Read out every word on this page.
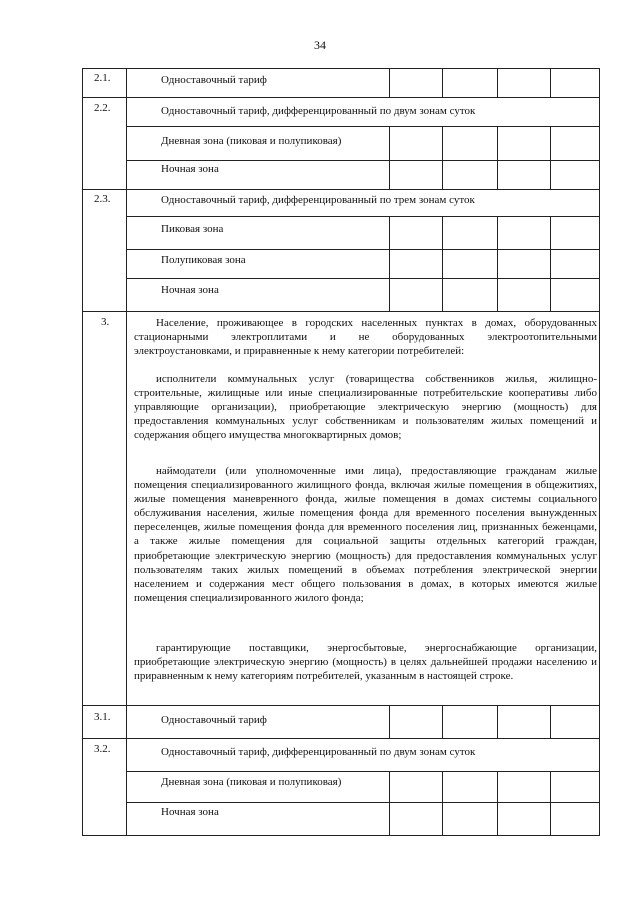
34
2.1.
2.2.
2.3.
3.
3.1.
3.2.
Одноставочный тариф
Одноставочный тариф, дифференцированный по двум зонам суток
Дневная зона (пиковая и полупиковая)
Ночная зона
Одноставочный тариф, дифференцированный по трем зонам суток
Пиковая зона
Полупиковая зона
Ночная зона
Одноставочный тариф
Одноставочный тариф, дифференцированный по двум зонам суток
Дневная зона (пиковая и полупиковая)
Ночная зона

Население, проживающее в городских населенных пунктах в домах, оборудованных стационарными электроплитами и не оборудованных электроотопительными электроустановками, и приравненные к нему категории потребителей:

исполнители коммунальных услуг (товарищества собственников жилья, жилищно-строительные, жилищные или иные специализированные потребительские кооперативы либо управляющие организации), приобретающие электрическую энергию (мощность) для предоставления коммунальных услуг собственникам и пользователям жилых помещений и содержания общего имущества многоквартирных домов;

наймодатели (или уполномоченные ими лица), предоставляющие гражданам жилые помещения специализированного жилищного фонда, включая жилые помещения в общежитиях, жилые помещения маневренного фонда, жилые помещения в домах системы социального обслуживания населения, жилые помещения фонда для временного поселения вынужденных переселенцев, жилые помещения фонда для временного поселения лиц, признанных беженцами, а также жилые помещения для социальной защиты отдельных категорий граждан, приобретающие электрическую энергию (мощность) для предоставления коммунальных услуг пользователям таких жилых помещений в объемах потребления электрической энергии населением и содержания мест общего пользования в домах, в которых имеются жилые помещения специализированного жилого фонда;

гарантирующие поставщики, энергосбытовые, энергоснабжающие организации, приобретающие электрическую энергию (мощность) в целях дальнейшей продажи населению и приравненным к нему категориям потребителей, указанным в настоящей строке.
